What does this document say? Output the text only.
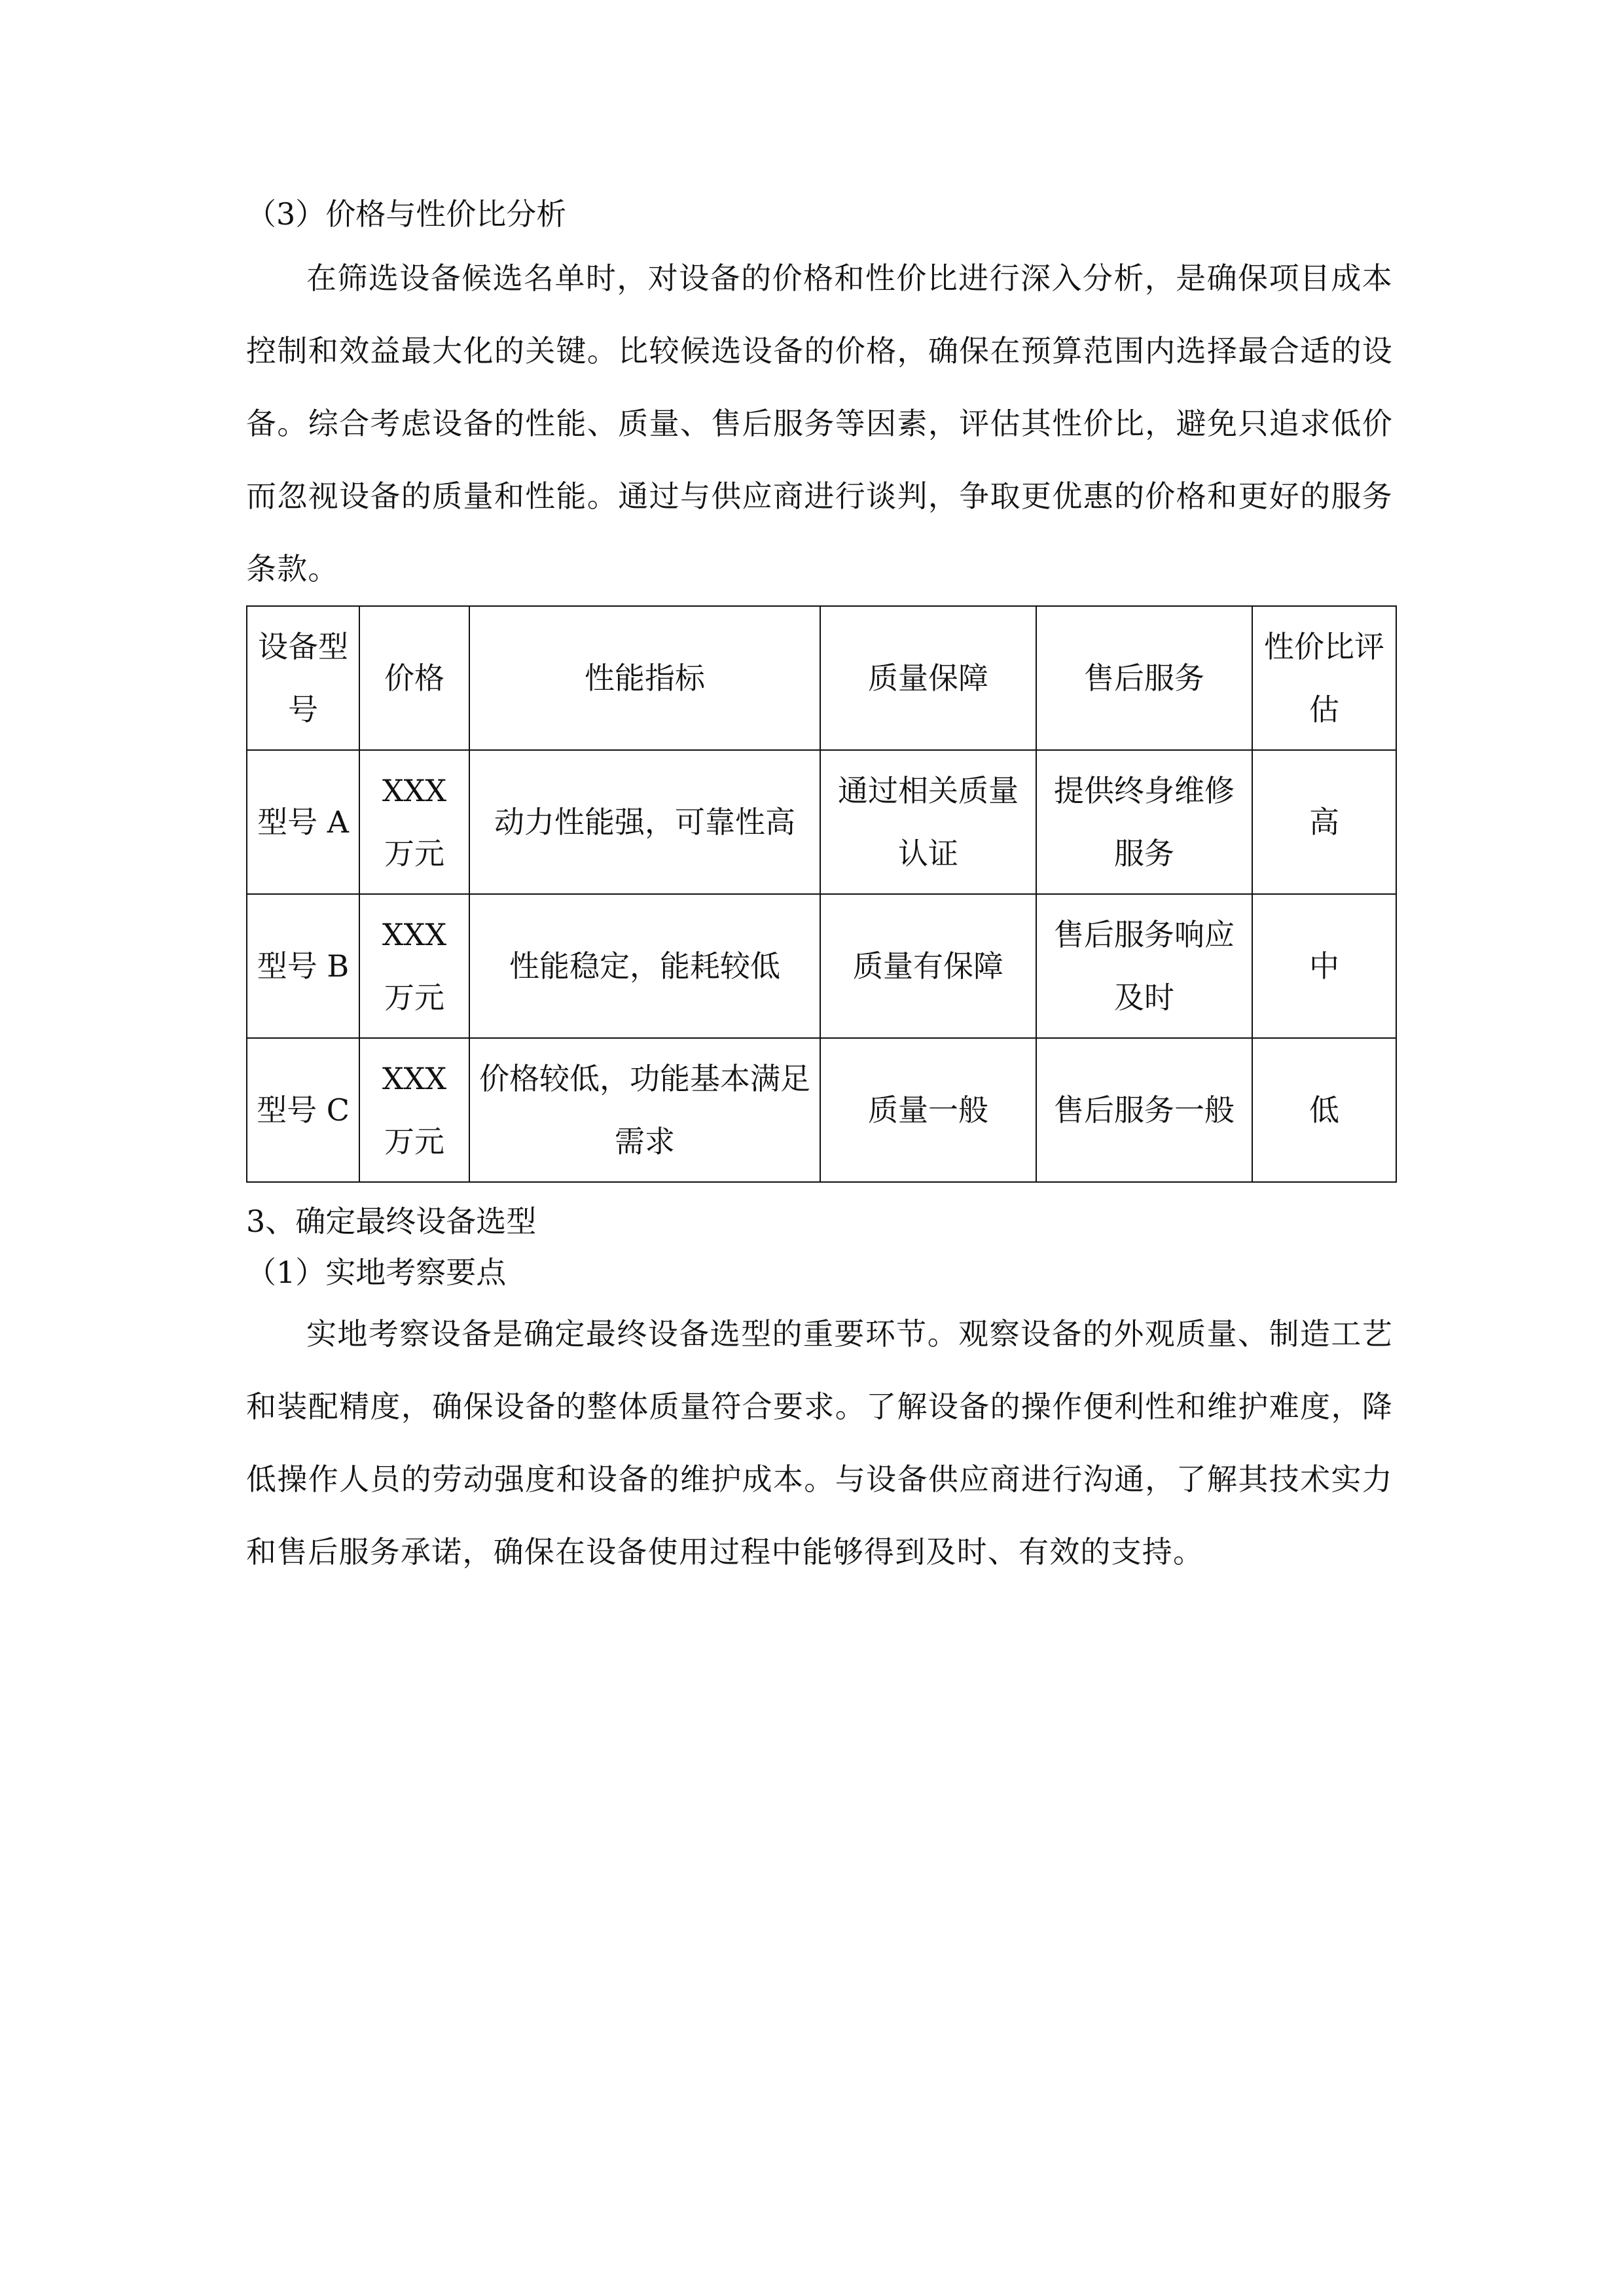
（3）价格与性价比分析

在筛选设备候选名单时，对设备的价格和性价比进行深入分析，是确保项目成本控制和效益最大化的关键。比较候选设备的价格，确保在预算范围内选择最合适的设备。综合考虑设备的性能、质量、售后服务等因素，评估其性价比，避免只追求低价而忽视设备的质量和性能。通过与供应商进行谈判，争取更优惠的价格和更好的服务条款。

设备型号	价格	性能指标	质量保障	售后服务	性价比评估
型号 A	XXX 万元	动力性能强，可靠性高	通过相关质量认证	提供终身维修服务	高
型号 B	XXX 万元	性能稳定，能耗较低	质量有保障	售后服务响应及时	中
型号 C	XXX 万元	价格较低，功能基本满足需求	质量一般	售后服务一般	低

3、确定最终设备选型

（1）实地考察要点

实地考察设备是确定最终设备选型的重要环节。观察设备的外观质量、制造工艺和装配精度，确保设备的整体质量符合要求。了解设备的操作便利性和维护难度，降低操作人员的劳动强度和设备的维护成本。与设备供应商进行沟通，了解其技术实力和售后服务承诺，确保在设备使用过程中能够得到及时、有效的支持。
